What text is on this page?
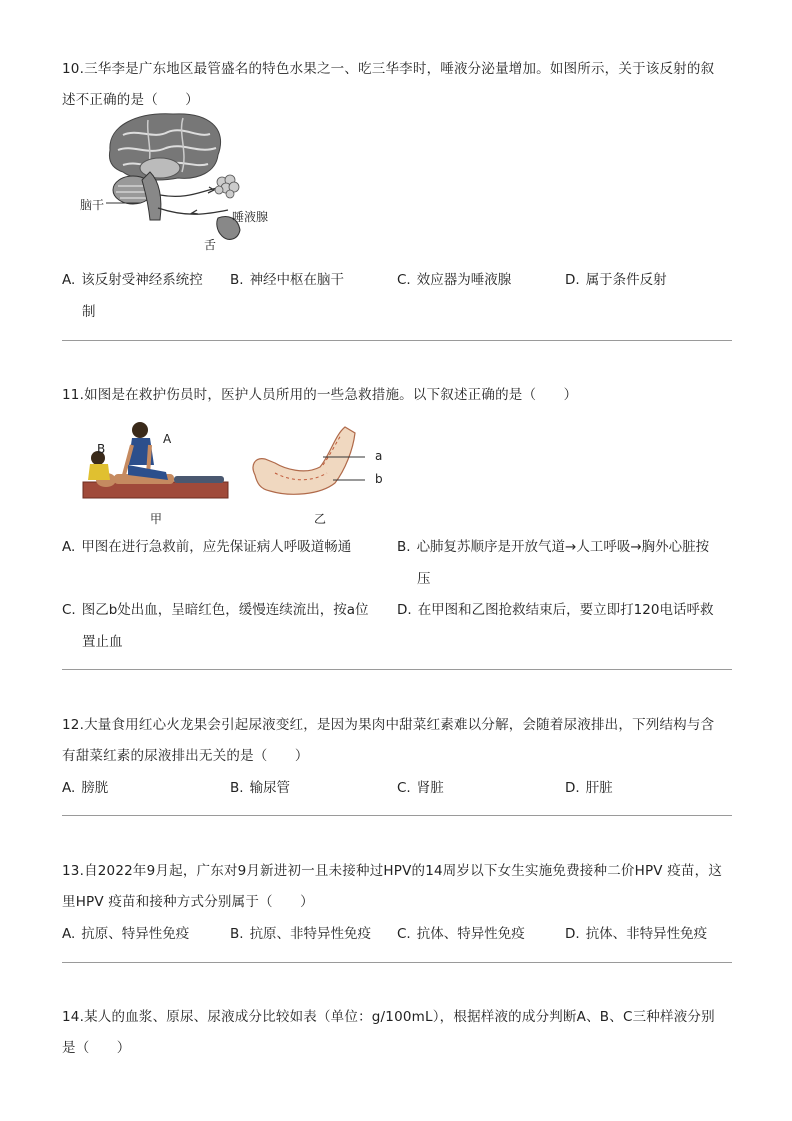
10.三华李是广东地区最管盛名的特色水果之一、吃三华李时，唾液分泌量增加。如图所示，关于该反射的叙
述不正确的是（　　）
脑干
唾液腺
舌
A. 该反射受神经系统控
制
B. 神经中枢在脑干	C. 效应器为唾液腺	D. 属于条件反射
11.如图是在救护伤员时，医护人员所用的一些急救措施。以下叙述正确的是（　　）
B
A
甲
a
b
乙
A. 甲图在进行急救前，应先保证病人呼吸道畅通	B. 心肺复苏顺序是开放气道→人工呼吸→胸外心脏按
压
C. 图乙b处出血，呈暗红色，缓慢连续流出，按a位
置止血
D. 在甲图和乙图抢救结束后，要立即打120电话呼救
12.大量食用红心火龙果会引起尿液变红，是因为果肉中甜菜红素难以分解，会随着尿液排出，下列结构与含
有甜菜红素的尿液排出无关的是（　　）
A. 膀胱	B. 输尿管	C. 肾脏	D. 肝脏
13.自2022年9月起，广东对9月新进初一且未接种过HPV的14周岁以下女生实施免费接种二价HPV 疫苗，这
里HPV 疫苗和接种方式分别属于（　　）
A. 抗原、特异性免疫	B. 抗原、非特异性免疫 C. 抗体、特异性免疫	D. 抗体、非特异性免疫
14.某人的血浆、原尿、尿液成分比较如表（单位：g/100mL），根据样液的成分判断A、B、C三种样液分别
是（　　）
